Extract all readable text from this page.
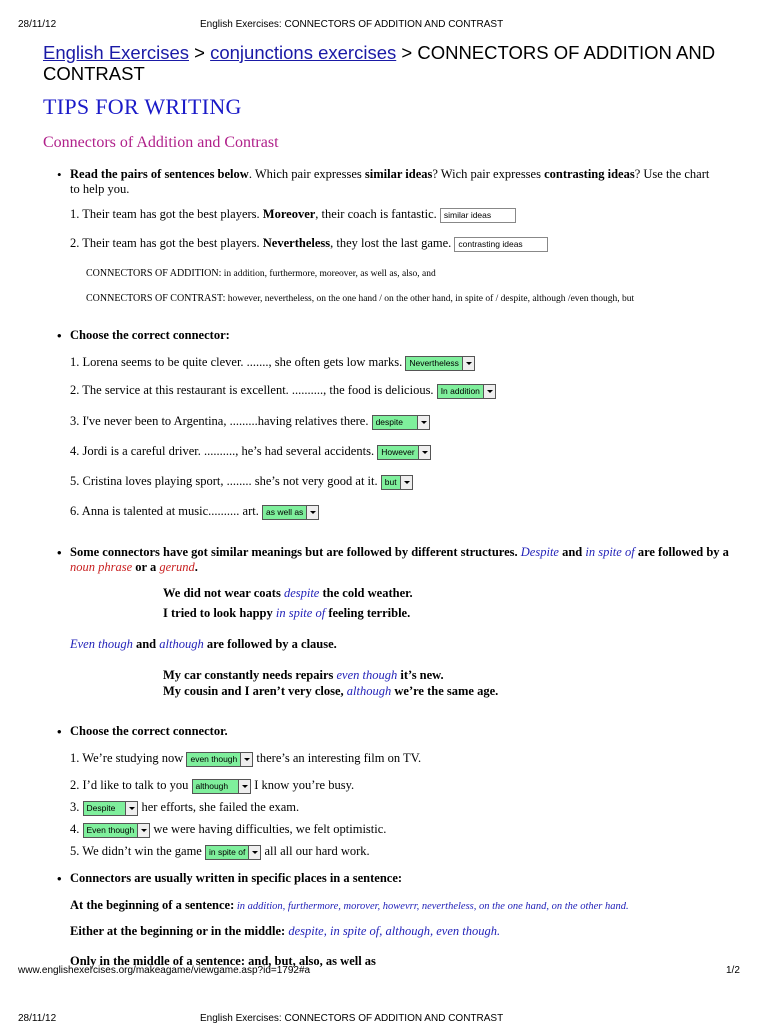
28/11/12	English Exercises: CONNECTORS OF ADDITION AND CONTRAST
English Exercises > conjunctions exercises > CONNECTORS OF ADDITION AND CONTRAST
TIPS FOR WRITING
Connectors of Addition and Contrast
• Read the pairs of sentences below. Which pair expresses similar ideas? Wich pair expresses contrasting ideas? Use the chart to help you.
1. Their team has got the best players. Moreover, their coach is fantastic. similar ideas
2. Their team has got the best players. Nevertheless, they lost the last game. contrasting ideas
CONNECTORS OF ADDITION: in addition, furthermore, moreover, as well as, also, and
CONNECTORS OF CONTRAST: however, nevertheless, on the one hand / on the other hand, in spite of / despite, although /even though, but
• Choose the correct connector:
1. Lorena seems to be quite clever. ......., she often gets low marks. Nevertheless
2. The service at this restaurant is excellent. .........., the food is delicious. In addition
3. I've never been to Argentina, .........having relatives there. despite
4. Jordi is a careful driver. .........., he’s had several accidents. However
5. Cristina loves playing sport, ........ she’s not very good at it. but
6. Anna is talented at music.......... art. as well as
• Some connectors have got similar meanings but are followed by different structures. Despite and in spite of are followed by a noun phrase or a gerund.
We did not wear coats despite the cold weather.
I tried to look happy in spite of feeling terrible.
Even though and although are followed by a clause.
My car constantly needs repairs even though it’s new.
My cousin and I aren’t very close, although we’re the same age.
• Choose the correct connector.
1. We’re studying now even though there’s an interesting film on TV.
2. I’d like to talk to you although	I know you’re busy.
3. Despite	her efforts, she failed the exam.
4. Even though we were having difficulties, we felt optimistic.
5. We didn’t win the game in spite of all all our hard work.
• Connectors are usually written in specific places in a sentence:
At the beginning of a sentence: in addition, furthermore, morover, howevrr, nevertheless, on the one hand, on the other hand.
Either at the beginning or in the middle: despite, in spite of, although, even though.
Only in the middle of a sentence: and, but, also, as well as
www.englishexercises.org/makeagame/viewgame.asp?id=1792#a	1/2
28/11/12	English Exercises: CONNECTORS OF ADDITION AND CONTRAST
